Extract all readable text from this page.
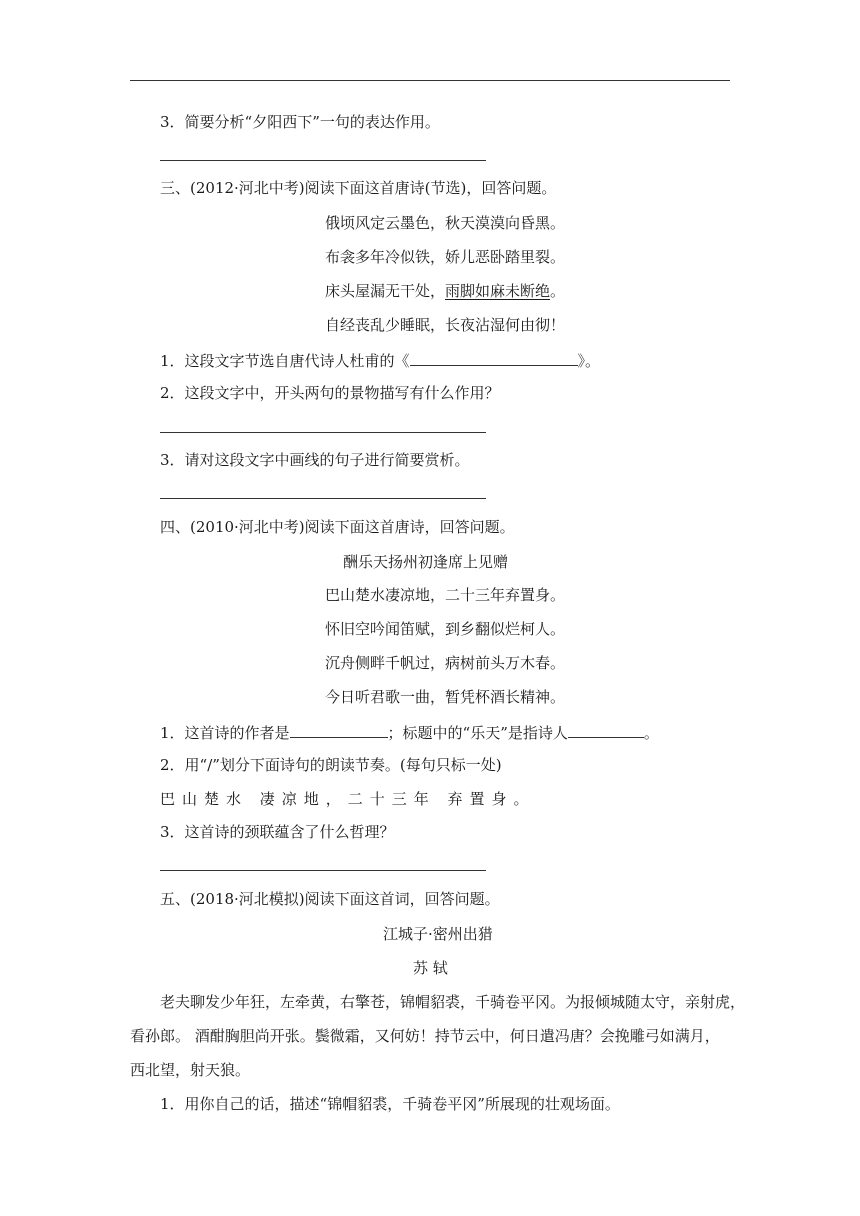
3．简要分析“夕阳西下”一句的表达作用。
三、(2012·河北中考)阅读下面这首唐诗(节选)，回答问题。
俄顷风定云墨色，秋天漠漠向昏黑。
布衾多年冷似铁，娇儿恶卧踏里裂。
床头屋漏无干处，雨脚如麻未断绝。
自经丧乱少睡眠，长夜沾湿何由彻！
1．这段文字节选自唐代诗人杜甫的《	》。
2．这段文字中，开头两句的景物描写有什么作用？
3．请对这段文字中画线的句子进行简要赏析。
四、(2010·河北中考)阅读下面这首唐诗，回答问题。
酬乐天扬州初逢席上见赠
巴山楚水凄凉地，二十三年弃置身。
怀旧空吟闻笛赋，到乡翻似烂柯人。
沉舟侧畔千帆过，病树前头万木春。
今日听君歌一曲，暂凭杯酒长精神。
1．这首诗的作者是	；标题中的“乐天”是指诗人	。
2．用“/”划分下面诗句的朗读节奏。(每句只标一处)
巴山楚水 凄凉地，二十三年 弃置身。
3．这首诗的颈联蕴含了什么哲理？
五、(2018·河北模拟)阅读下面这首词，回答问题。
江城子·密州出猎
苏 轼
老夫聊发少年狂，左牵黄，右擎苍，锦帽貂裘，千骑卷平冈。为报倾城随太守，亲射虎，
看孙郎。 酒酣胸胆尚开张。鬓微霜，又何妨！持节云中，何日遣冯唐？会挽雕弓如满月，
西北望，射天狼。
1．用你自己的话，描述“锦帽貂裘，千骑卷平冈”所展现的壮观场面。
